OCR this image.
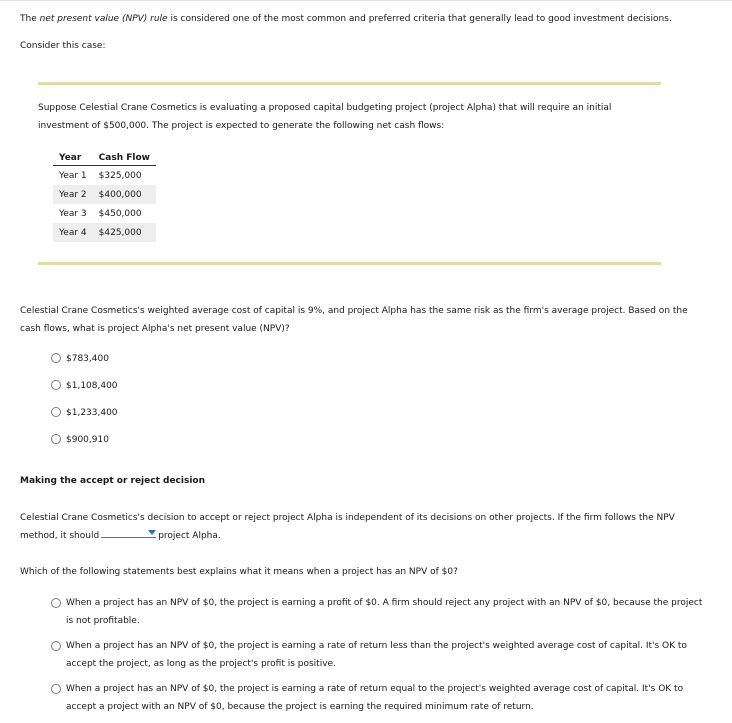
The net present value (NPV) rule is considered one of the most common and preferred criteria that generally lead to good investment decisions.
Consider this case:
Suppose Celestial Crane Cosmetics is evaluating a proposed capital budgeting project (project Alpha) that will require an initial
investment of $500,000. The project is expected to generate the following net cash flows:
Year	Cash Flow
Year 1	$325,000
Year 2	$400,000
Year 3	$450,000
Year 4	$425,000
Celestial Crane Cosmetics's weighted average cost of capital is 9%, and project Alpha has the same risk as the firm's average project. Based on the
cash flows, what is project Alpha's net present value (NPV)?
$783,400
$1,108,400
$1,233,400
$900,910
Making the accept or reject decision
Celestial Crane Cosmetics's decision to accept or reject project Alpha is independent of its decisions on other projects. If the firm follows the NPV
method, it should	project Alpha.
Which of the following statements best explains what it means when a project has an NPV of $0?
When a project has an NPV of $0, the project is earning a profit of $0. A firm should reject any project with an NPV of $0, because the project is not profitable.
When a project has an NPV of $0, the project is earning a rate of return less than the project's weighted average cost of capital. It's OK to accept the project, as long as the project's profit is positive.
When a project has an NPV of $0, the project is earning a rate of return equal to the project's weighted average cost of capital. It's OK to accept a project with an NPV of $0, because the project is earning the required minimum rate of return.
